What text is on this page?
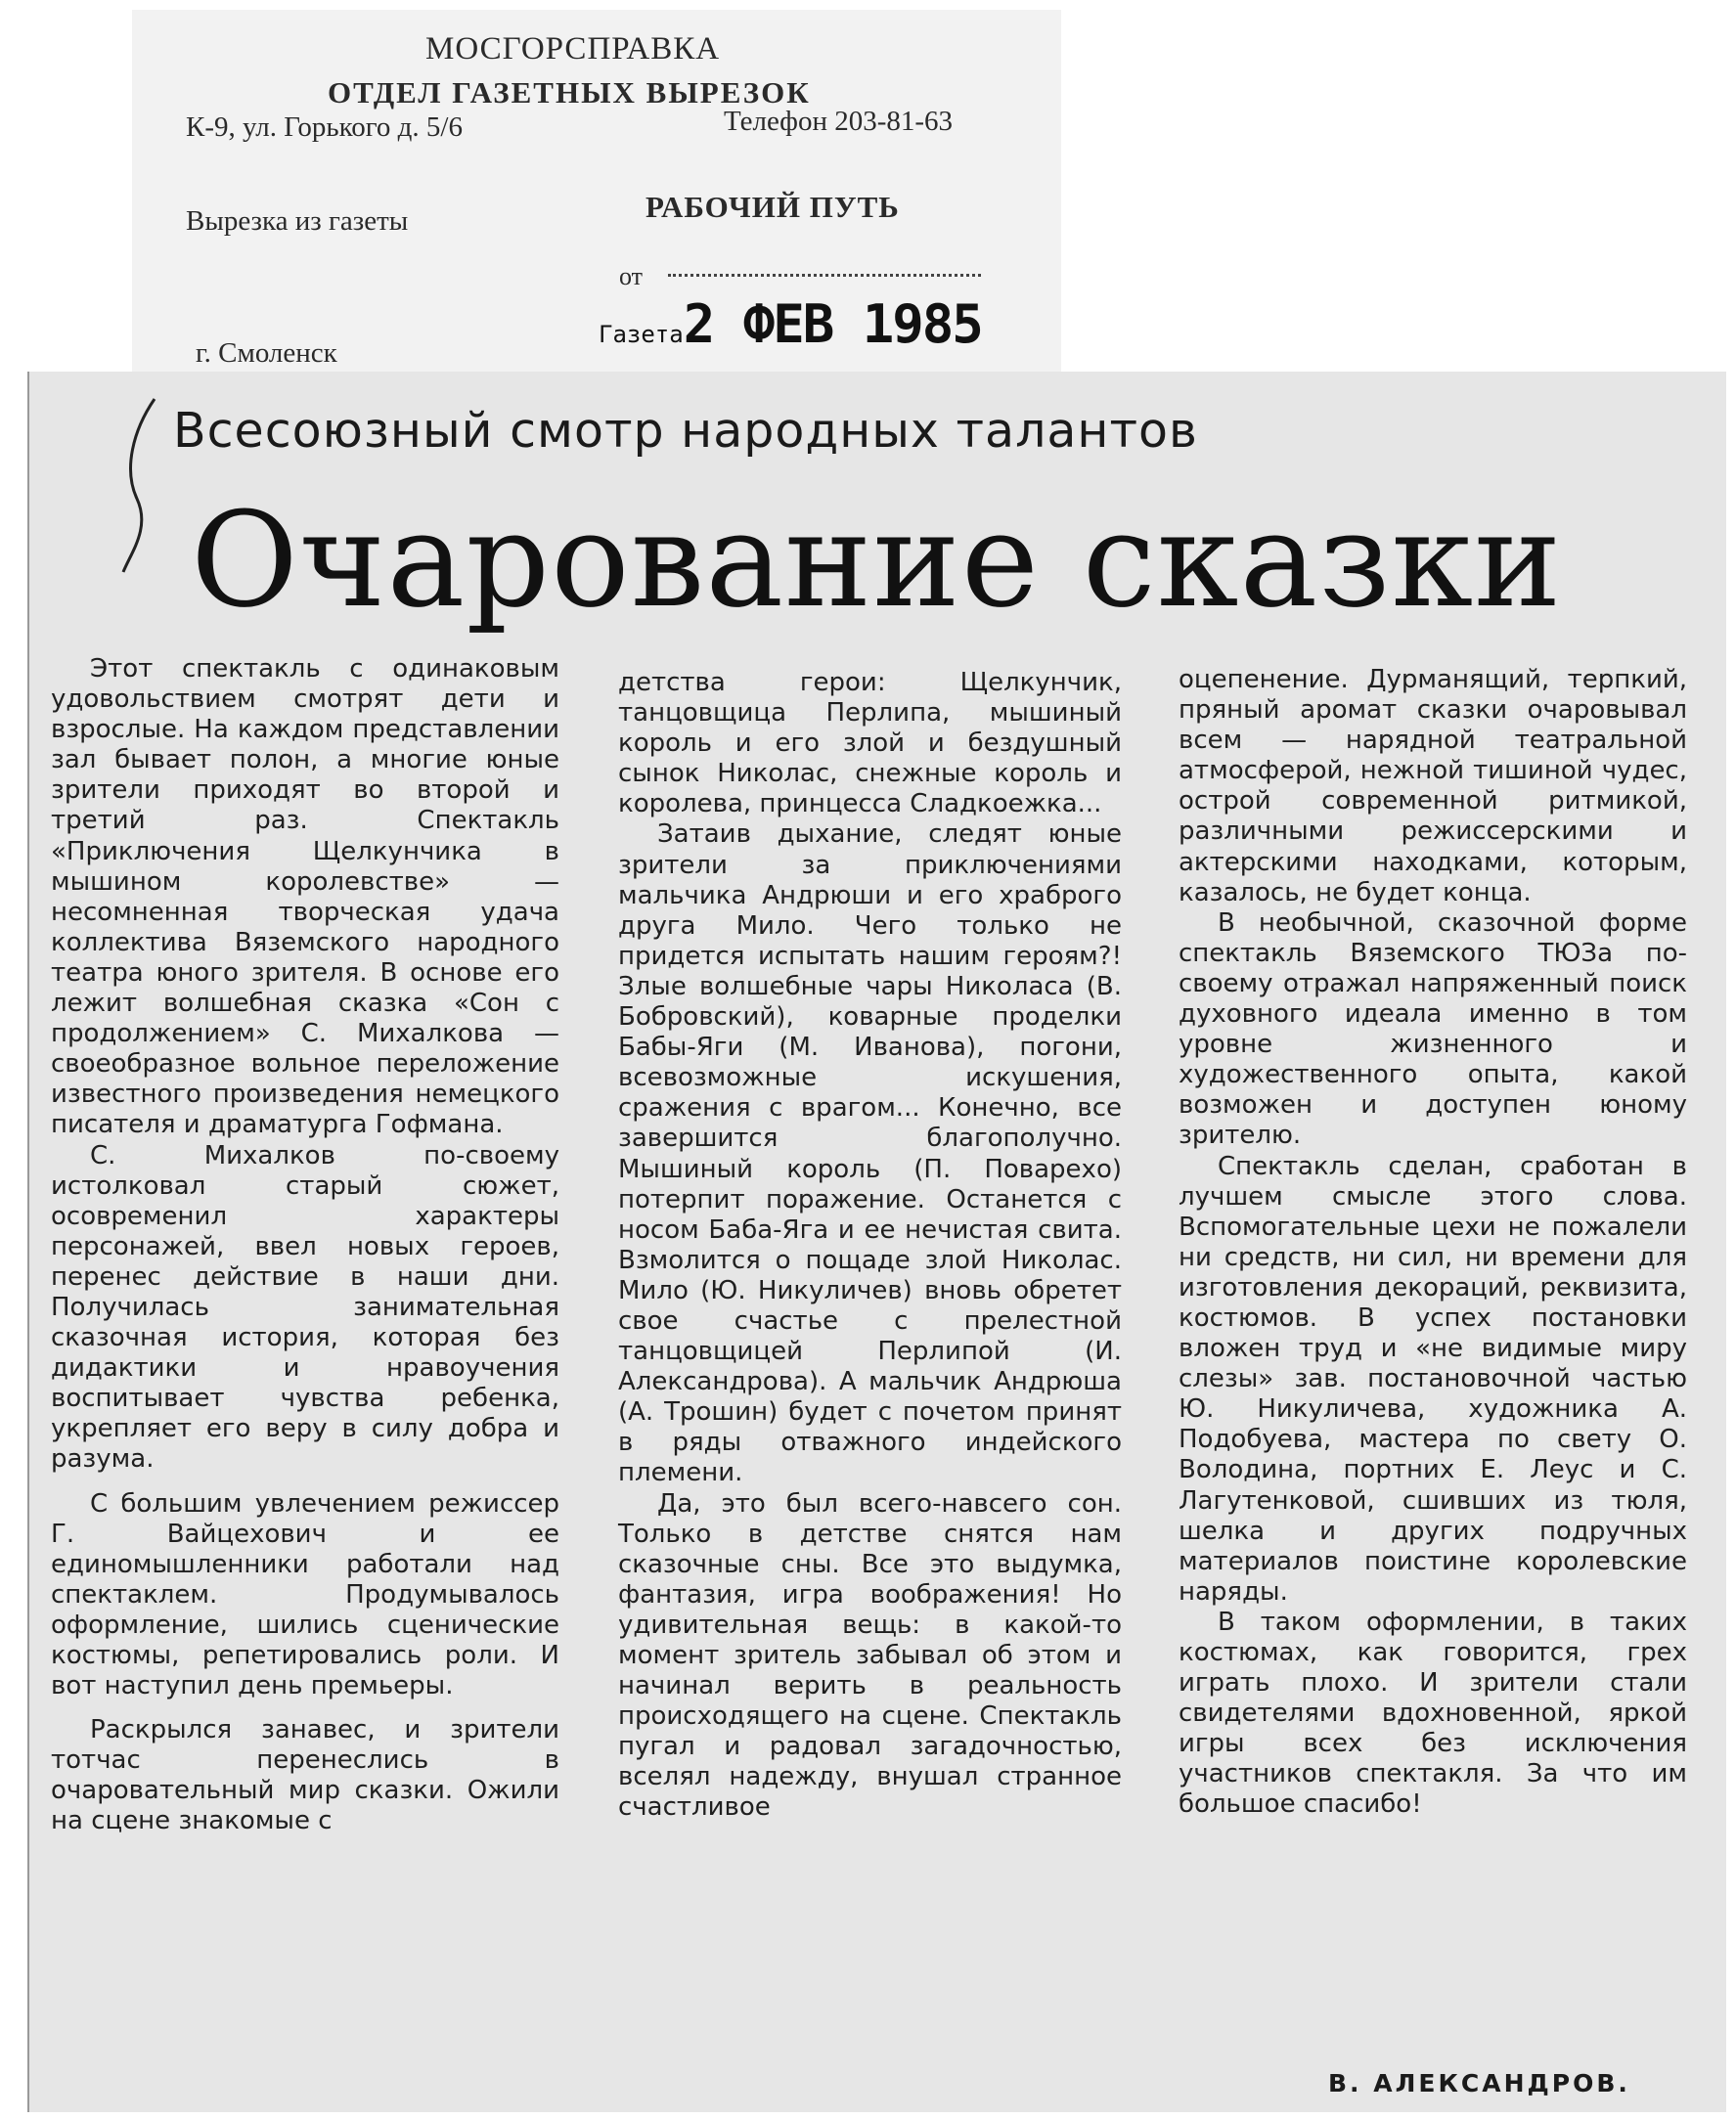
МОСГОРСПРАВКА
ОТДЕЛ ГАЗЕТНЫХ ВЫРЕЗОК
К-9, ул. Горького д. 5/6	Телефон 203-81-63
Вырезка из газеты	РАБОЧИЙ ПУТЬ
от
г. Смоленск
Газета2 ФЕВ 1985
Всесоюзный смотр народных талантов
Очарование сказки

Этот спектакль с одинаковым удовольствием смотрят дети и взрослые. На каждом представлении зал бывает полон, а многие юные зрители приходят во второй и третий раз. Спектакль «Приключения Щелкунчика в мышином королевстве» — несомненная творческая удача коллектива Вяземского народного театра юного зрителя. В основе его лежит волшебная сказка «Сон с продолжением» С. Михалкова — своеобразное вольное переложение известного произведения немецкого писателя и драматурга Гофмана.

С. Михалков по-своему истолковал старый сюжет, осовременил характеры персонажей, ввел новых героев, перенес действие в наши дни. Получилась занимательная сказочная история, которая без дидактики и нравоучения воспитывает чувства ребенка, укрепляет его веру в силу добра и разума.

С большим увлечением режиссер Г. Вайцехович и ее единомышленники работали над спектаклем. Продумывалось оформление, шились сценические костюмы, репетировались роли. И вот наступил день премьеры.

Раскрылся занавес, и зрители тотчас перенеслись в очаровательный мир сказки. Ожили на сцене знакомые с

детства герои: Щелкунчик, танцовщица Перлипа, мышиный король и его злой и бездушный сынок Николас, снежные король и королева, принцесса Сладкоежка...

Затаив дыхание, следят юные зрители за приключениями мальчика Андрюши и его храброго друга Мило. Чего только не придется испытать нашим героям?! Злые волшебные чары Николаса (В. Бобровский), коварные проделки Бабы-Яги (М. Иванова), погони, всевозможные искушения, сражения с врагом... Конечно, все завершится благополучно. Мышиный король (П. Поварехо) потерпит поражение. Останется с носом Баба-Яга и ее нечистая свита. Взмолится о пощаде злой Николас. Мило (Ю. Никуличев) вновь обретет свое счастье с прелестной танцовщицей Перлипой (И. Александрова). А мальчик Андрюша (А. Трошин) будет с почетом принят в ряды отважного индейского племени.

Да, это был всего-навсего сон. Только в детстве снятся нам сказочные сны. Все это выдумка, фантазия, игра воображения! Но удивительная вещь: в какой-то момент зритель забывал об этом и начинал верить в реальность происходящего на сцене. Спектакль пугал и радовал загадочностью, вселял надежду, внушал странное счастливое

оцепенение. Дурманящий, терпкий, пряный аромат сказки очаровывал всем — нарядной театральной атмосферой, нежной тишиной чудес, острой современной ритмикой, различными режиссерскими и актерскими находками, которым, казалось, не будет конца.

В необычной, сказочной форме спектакль Вяземского ТЮЗа по-своему отражал напряженный поиск духовного идеала именно в том уровне жизненного и художественного опыта, какой возможен и доступен юному зрителю.

Спектакль сделан, сработан в лучшем смысле этого слова. Вспомогательные цехи не пожалели ни средств, ни сил, ни времени для изготовления декораций, реквизита, костюмов. В успех постановки вложен труд и «не видимые миру слезы» зав. постановочной частью Ю. Никуличева, художника А. Подобуева, мастера по свету О. Володина, портних Е. Леус и С. Лагутенковой, сшивших из тюля, шелка и других подручных материалов поистине королевские наряды.

В таком оформлении, в таких костюмах, как говорится, грех играть плохо. И зрители стали свидетелями вдохновенной, яркой игры всех без исключения участников спектакля. За что им большое спасибо!

В. АЛЕКСАНДРОВ.
